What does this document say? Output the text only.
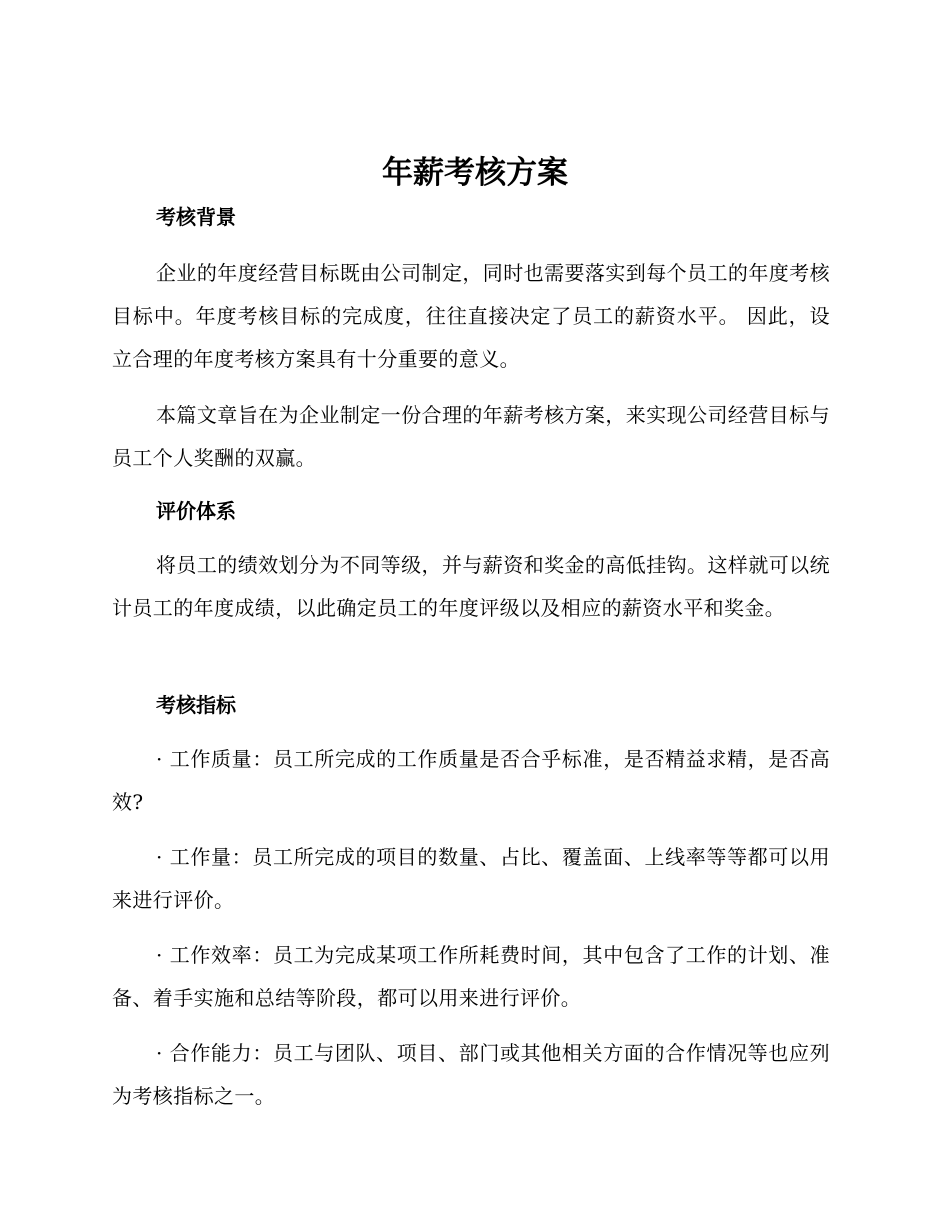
年薪考核方案
考核背景

企业的年度经营目标既由公司制定，同时也需要落实到每个员工的年度考核目标中。年度考核目标的完成度，往往直接决定了员工的薪资水平。 因此，设立合理的年度考核方案具有十分重要的意义。

本篇文章旨在为企业制定一份合理的年薪考核方案，来实现公司经营目标与员工个人奖酬的双赢。

评价体系

将员工的绩效划分为不同等级，并与薪资和奖金的高低挂钩。这样就可以统计员工的年度成绩，以此确定员工的年度评级以及相应的薪资水平和奖金。

考核指标

· 工作质量：员工所完成的工作质量是否合乎标准，是否精益求精，是否高效?

· 工作量：员工所完成的项目的数量、占比、覆盖面、上线率等等都可以用来进行评价。

· 工作效率：员工为完成某项工作所耗费时间，其中包含了工作的计划、准备、着手实施和总结等阶段，都可以用来进行评价。

· 合作能力：员工与团队、项目、部门或其他相关方面的合作情况等也应列为考核指标之一。
